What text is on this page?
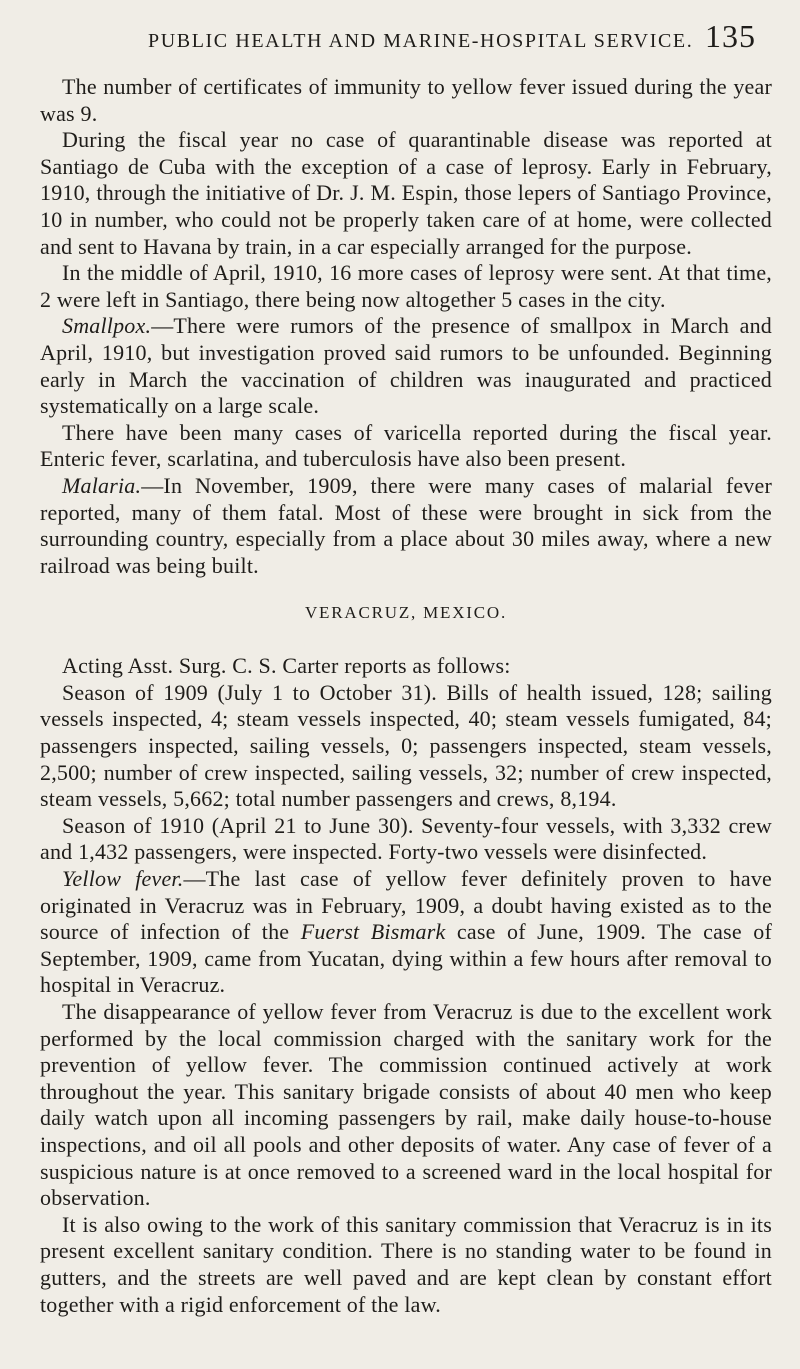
PUBLIC HEALTH AND MARINE-HOSPITAL SERVICE. 135

The number of certificates of immunity to yellow fever issued during the year was 9.

During the fiscal year no case of quarantinable disease was reported at Santiago de Cuba with the exception of a case of leprosy. Early in February, 1910, through the initiative of Dr. J. M. Espin, those lepers of Santiago Province, 10 in number, who could not be properly taken care of at home, were collected and sent to Havana by train, in a car especially arranged for the purpose.

In the middle of April, 1910, 16 more cases of leprosy were sent. At that time, 2 were left in Santiago, there being now altogether 5 cases in the city.

Smallpox.—There were rumors of the presence of smallpox in March and April, 1910, but investigation proved said rumors to be unfounded. Beginning early in March the vaccination of children was inaugurated and practiced systematically on a large scale.

There have been many cases of varicella reported during the fiscal year. Enteric fever, scarlatina, and tuberculosis have also been present.

Malaria.—In November, 1909, there were many cases of malarial fever reported, many of them fatal. Most of these were brought in sick from the surrounding country, especially from a place about 30 miles away, where a new railroad was being built.

VERACRUZ, MEXICO.

Acting Asst. Surg. C. S. Carter reports as follows:

Season of 1909 (July 1 to October 31). Bills of health issued, 128; sailing vessels inspected, 4; steam vessels inspected, 40; steam vessels fumigated, 84; passengers inspected, sailing vessels, 0; passengers inspected, steam vessels, 2,500; number of crew inspected, sailing vessels, 32; number of crew inspected, steam vessels, 5,662; total number passengers and crews, 8,194.

Season of 1910 (April 21 to June 30). Seventy-four vessels, with 3,332 crew and 1,432 passengers, were inspected. Forty-two vessels were disinfected.

Yellow fever.—The last case of yellow fever definitely proven to have originated in Veracruz was in February, 1909, a doubt having existed as to the source of infection of the Fuerst Bismark case of June, 1909. The case of September, 1909, came from Yucatan, dying within a few hours after removal to hospital in Veracruz.

The disappearance of yellow fever from Veracruz is due to the excellent work performed by the local commission charged with the sanitary work for the prevention of yellow fever. The commission continued actively at work throughout the year. This sanitary brigade consists of about 40 men who keep daily watch upon all incoming passengers by rail, make daily house-to-house inspections, and oil all pools and other deposits of water. Any case of fever of a suspicious nature is at once removed to a screened ward in the local hospital for observation.

It is also owing to the work of this sanitary commission that Veracruz is in its present excellent sanitary condition. There is no standing water to be found in gutters, and the streets are well paved and are kept clean by constant effort together with a rigid enforcement of the law.
